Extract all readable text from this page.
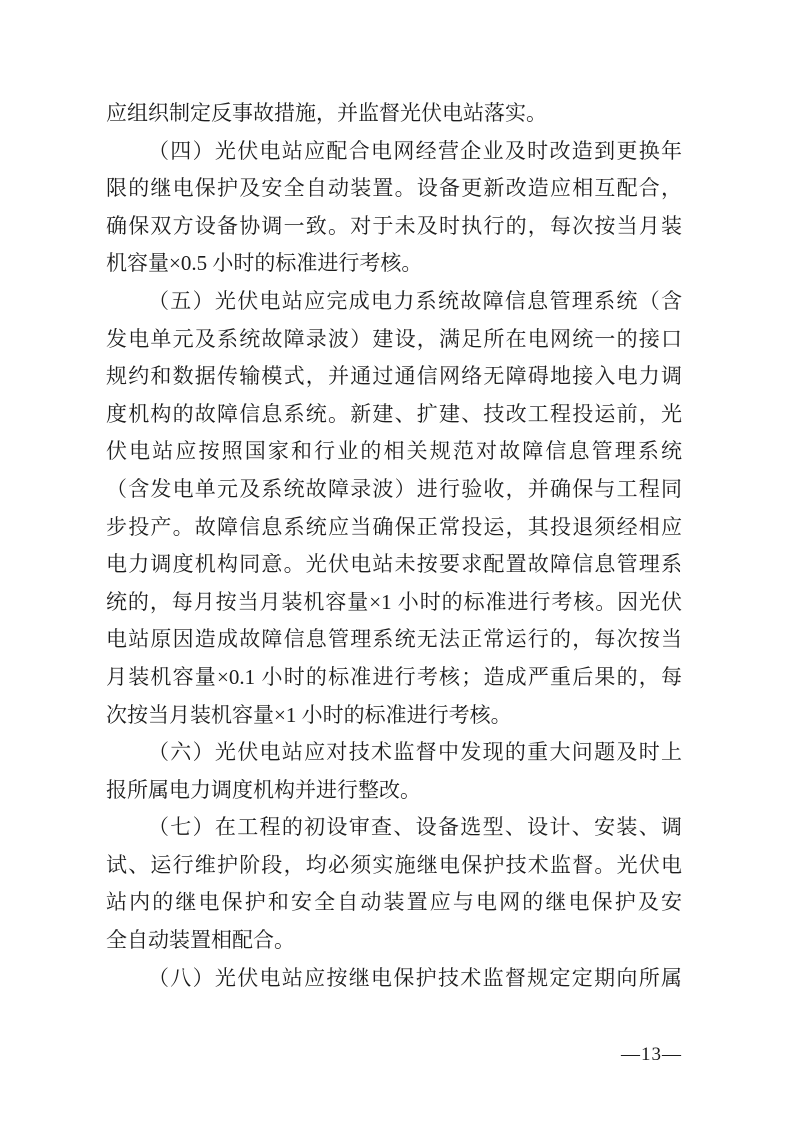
应组织制定反事故措施，并监督光伏电站落实。
（四）光伏电站应配合电网经营企业及时改造到更换年
限的继电保护及安全自动装置。设备更新改造应相互配合，
确保双方设备协调一致。对于未及时执行的，每次按当月装
机容量×0.5 小时的标准进行考核。
（五）光伏电站应完成电力系统故障信息管理系统（含
发电单元及系统故障录波）建设，满足所在电网统一的接口
规约和数据传输模式，并通过通信网络无障碍地接入电力调
度机构的故障信息系统。新建、扩建、技改工程投运前，光
伏电站应按照国家和行业的相关规范对故障信息管理系统
（含发电单元及系统故障录波）进行验收，并确保与工程同
步投产。故障信息系统应当确保正常投运，其投退须经相应
电力调度机构同意。光伏电站未按要求配置故障信息管理系
统的，每月按当月装机容量×1 小时的标准进行考核。因光伏
电站原因造成故障信息管理系统无法正常运行的，每次按当
月装机容量×0.1 小时的标准进行考核；造成严重后果的，每
次按当月装机容量×1 小时的标准进行考核。
（六）光伏电站应对技术监督中发现的重大问题及时上
报所属电力调度机构并进行整改。
（七）在工程的初设审查、设备选型、设计、安装、调
试、运行维护阶段，均必须实施继电保护技术监督。光伏电
站内的继电保护和安全自动装置应与电网的继电保护及安
全自动装置相配合。
（八）光伏电站应按继电保护技术监督规定定期向所属
—13—
